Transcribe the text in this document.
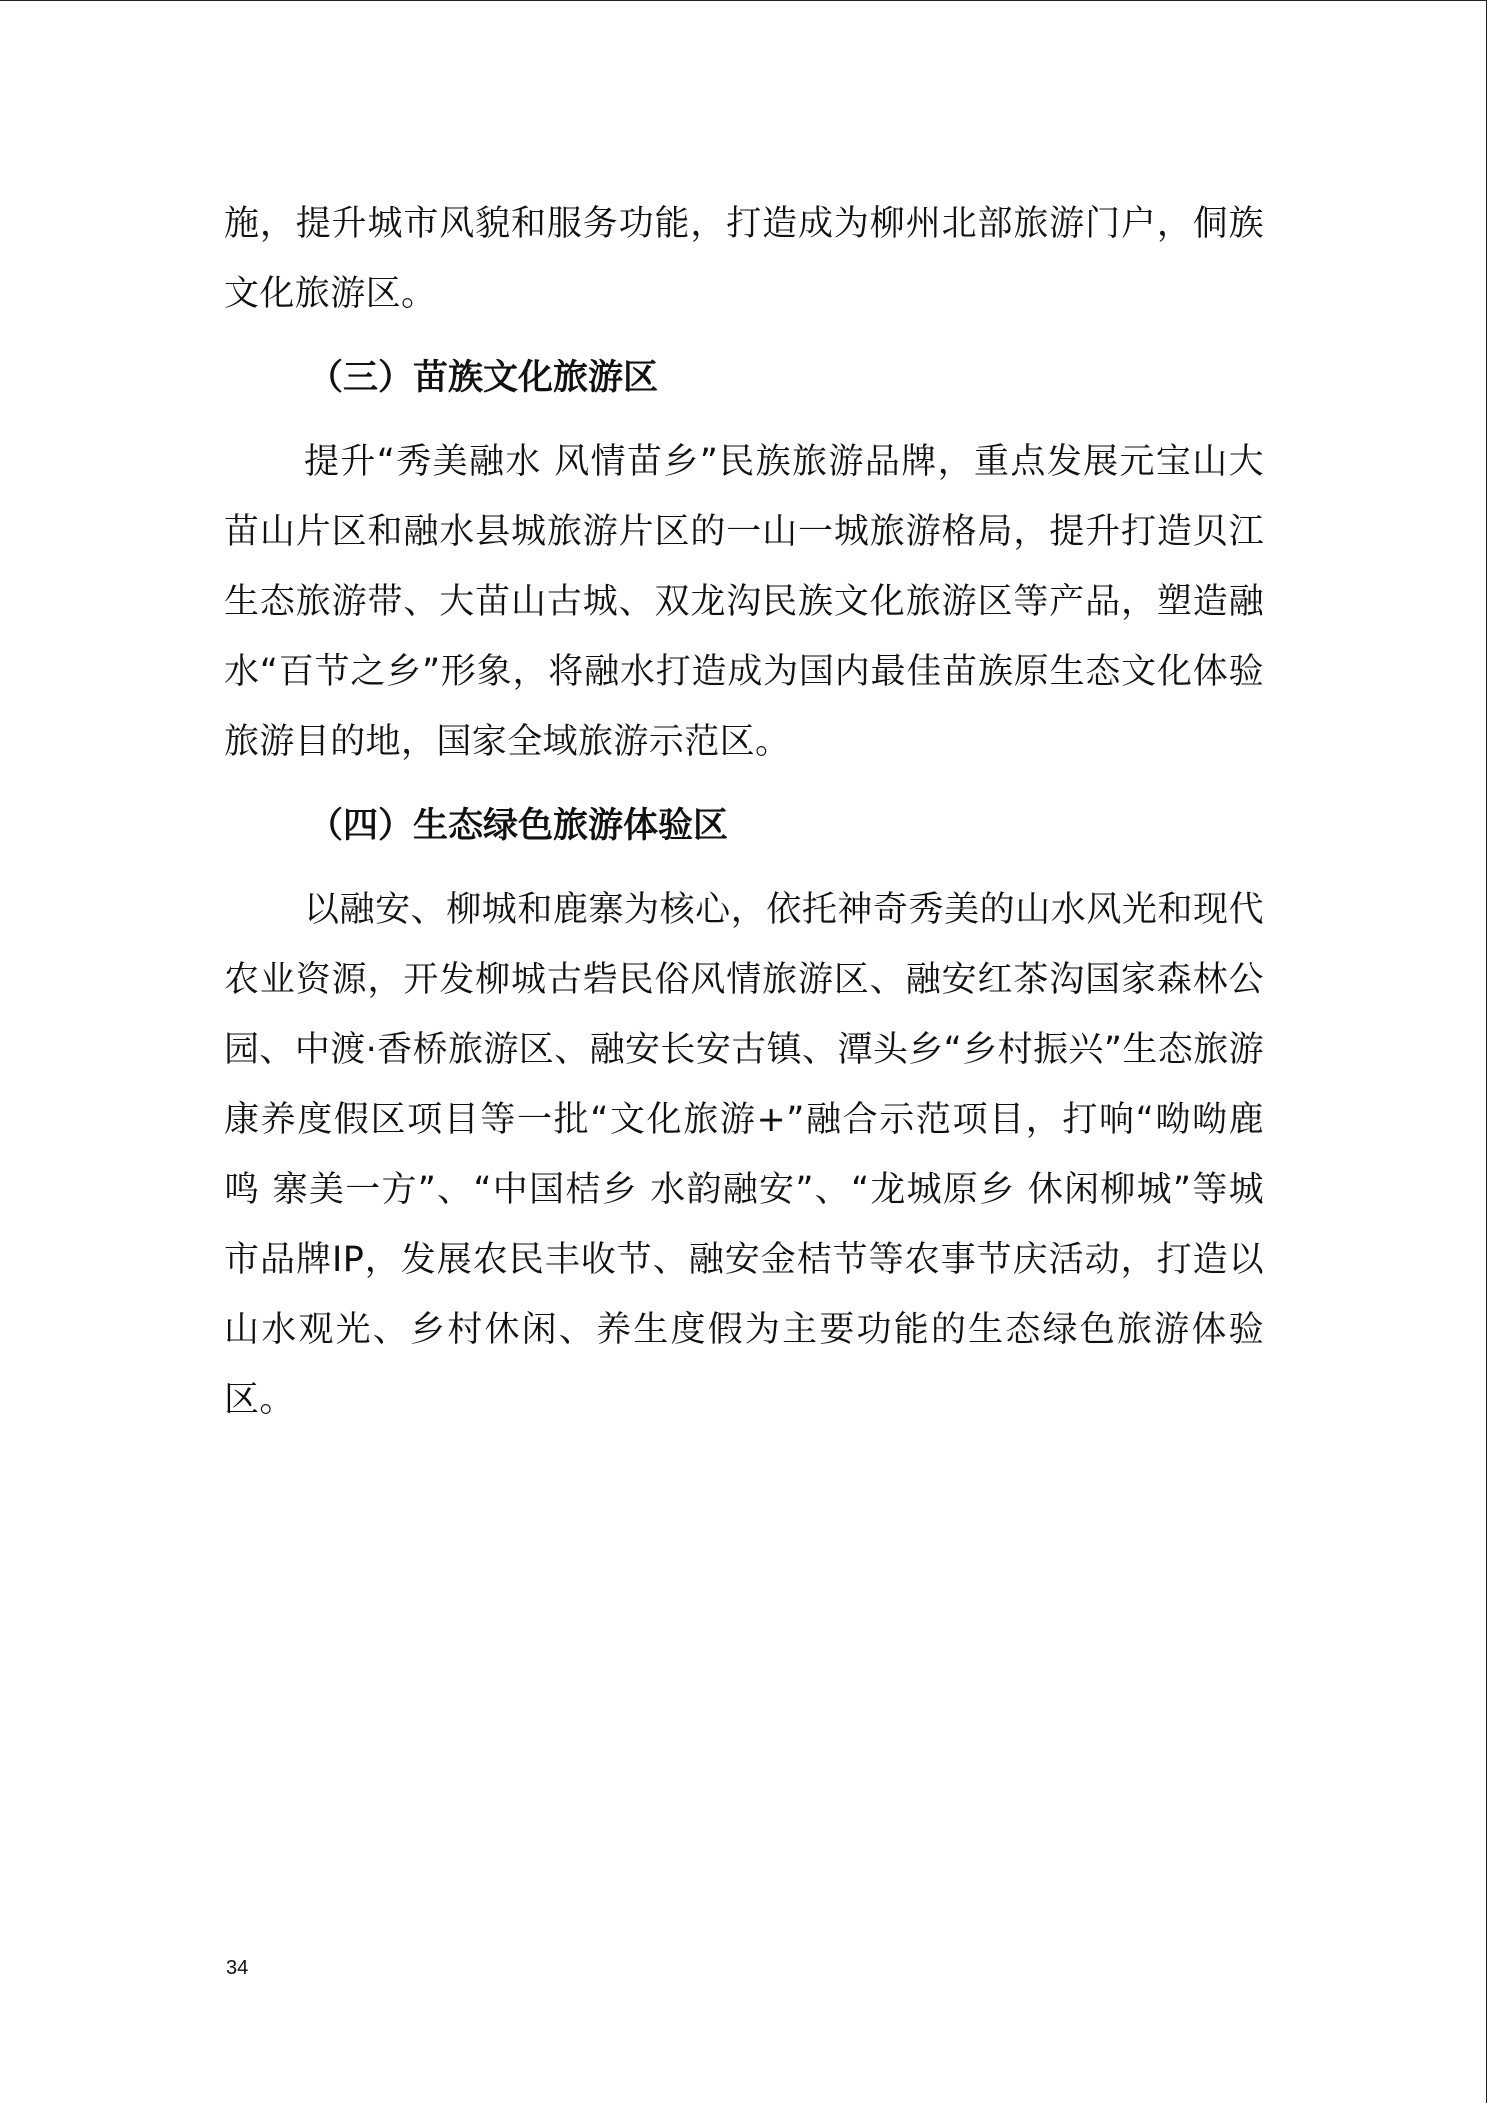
施，提升城市风貌和服务功能，打造成为柳州北部旅游门户，侗族文化旅游区。

（三）苗族文化旅游区

提升“秀美融水 风情苗乡”民族旅游品牌，重点发展元宝山大苗山片区和融水县城旅游片区的一山一城旅游格局，提升打造贝江生态旅游带、大苗山古城、双龙沟民族文化旅游区等产品，塑造融水“百节之乡”形象，将融水打造成为国内最佳苗族原生态文化体验旅游目的地，国家全域旅游示范区。

（四）生态绿色旅游体验区

以融安、柳城和鹿寨为核心，依托神奇秀美的山水风光和现代农业资源，开发柳城古砦民俗风情旅游区、融安红茶沟国家森林公园、中渡·香桥旅游区、融安长安古镇、潭头乡“乡村振兴”生态旅游康养度假区项目等一批“文化旅游+”融合示范项目，打响“呦呦鹿鸣 寨美一方”、“中国桔乡 水韵融安”、“龙城原乡 休闲柳城”等城市品牌IP，发展农民丰收节、融安金桔节等农事节庆活动，打造以山水观光、乡村休闲、养生度假为主要功能的生态绿色旅游体验区。

34
